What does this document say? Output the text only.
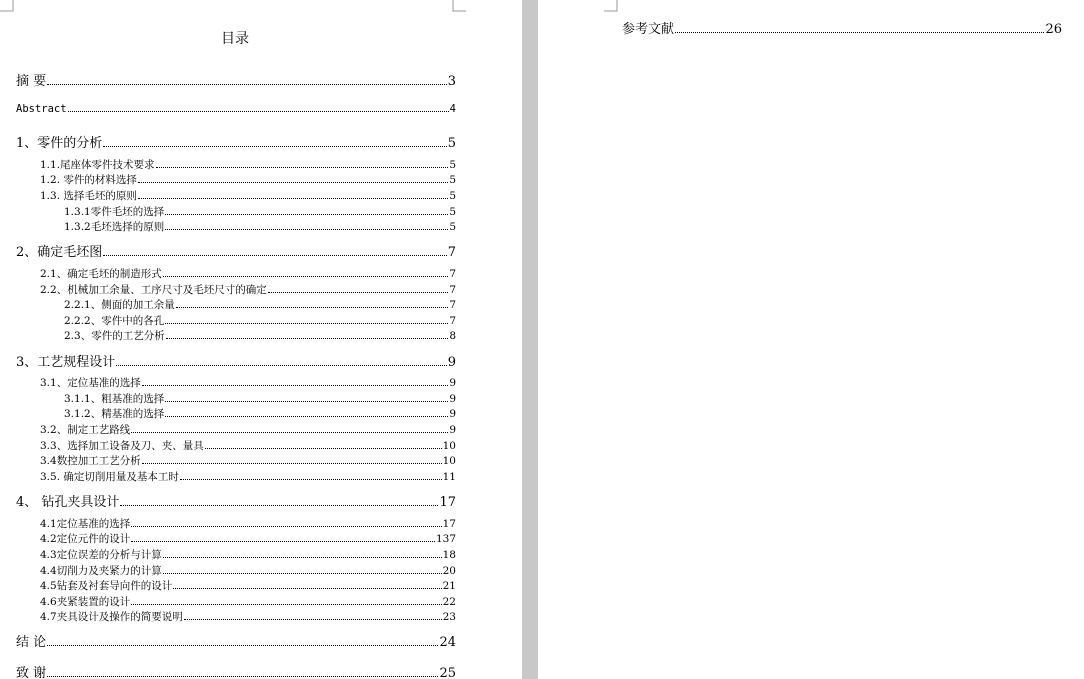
目录
摘 要	3
Abstract	4
1、零件的分析	5
1.1.尾座体零件技术要求	5
1.2. 零件的材料选择	5
1.3. 选择毛坯的原则	5
1.3.1零件毛坯的选择	5
1.3.2毛坯选择的原则	5
2、确定毛坯图	7
2.1、确定毛坯的制造形式	7
2.2、机械加工余量、工序尺寸及毛坯尺寸的确定	7
2.2.1、侧面的加工余量	7
2.2.2、零件中的各孔	7
2.3、零件的工艺分析	8
3、工艺规程设计	9
3.1、定位基准的选择	9
3.1.1、粗基准的选择	9
3.1.2、精基准的选择	9
3.2、制定工艺路线	9
3.3、选择加工设备及刀、夹、量具	10
3.4数控加工工艺分析	10
3.5. 确定切削用量及基本工时	11
4、 钻孔夹具设计	17
4.1定位基准的选择	17
4.2定位元件的设计	137
4.3定位误差的分析与计算	18
4.4切削力及夹紧力的计算	20
4.5钻套及衬套导向件的设计	21
4.6夹紧装置的设计	22
4.7夹具设计及操作的简要说明	23
结 论	24
致 谢	25
参考文献	26
